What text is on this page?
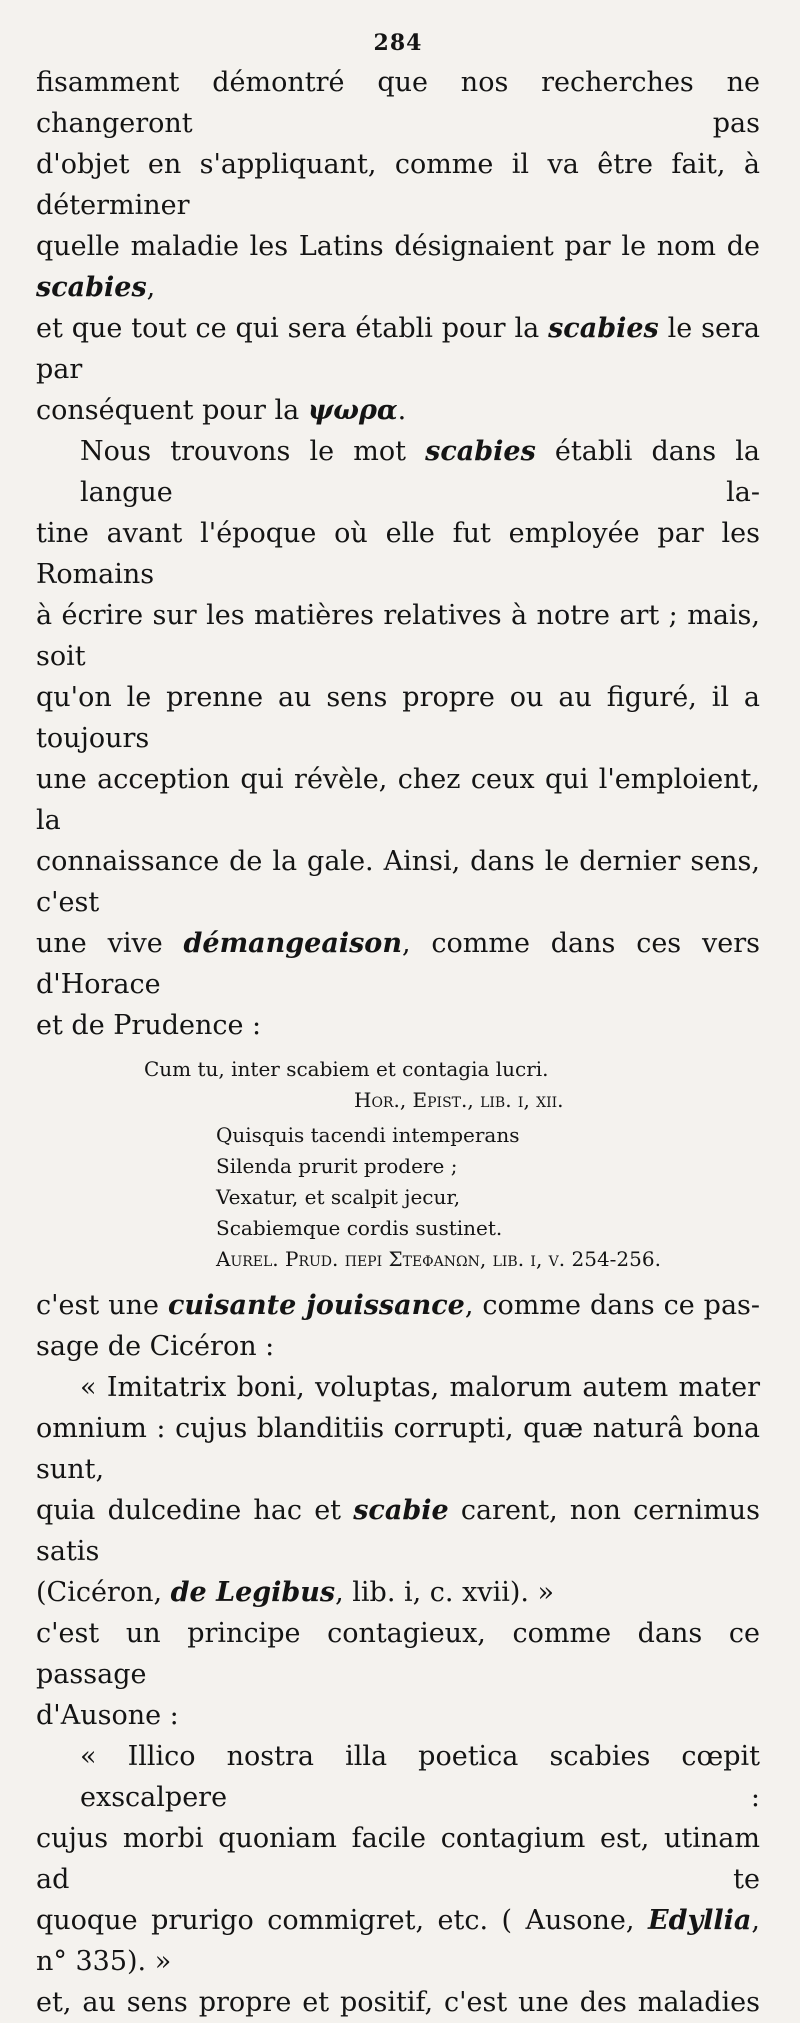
284
fisamment démontré que nos recherches ne changeront pas
d'objet en s'appliquant, comme il va être fait, à déterminer
quelle maladie les Latins désignaient par le nom de scabies,
et que tout ce qui sera établi pour la scabies le sera par
conséquent pour la ψωρα.
Nous trouvons le mot scabies établi dans la langue la-
tine avant l'époque où elle fut employée par les Romains
à écrire sur les matières relatives à notre art ; mais, soit
qu'on le prenne au sens propre ou au figuré, il a toujours
une acception qui révèle, chez ceux qui l'emploient, la
connaissance de la gale. Ainsi, dans le dernier sens, c'est
une vive démangeaison, comme dans ces vers d'Horace
et de Prudence :
Cum tu, inter scabiem et contagia lucri.
Hor., Epist., lib. i, xii.
Quisquis tacendi intemperans
Silenda prurit prodere ;
Vexatur, et scalpit jecur,
Scabiemque cordis sustinet.
Aurel. Prud. περι Στεφανων, lib. i, v. 254-256.
c'est une cuisante jouissance, comme dans ce pas-
sage de Cicéron :
« Imitatrix boni, voluptas, malorum autem mater
omnium : cujus blanditiis corrupti, quæ naturâ bona sunt,
quia dulcedine hac et scabie carent, non cernimus satis
(Cicéron, de Legibus, lib. i, c. xvii). »
c'est un principe contagieux, comme dans ce passage
d'Ausone :
« Illico nostra illa poetica scabies cœpit exscalpere :
cujus morbi quoniam facile contagium est, utinam ad te
quoque prurigo commigret, etc. ( Ausone, Edyllia,
n° 335). »
et, au sens propre et positif, c'est une des maladies
